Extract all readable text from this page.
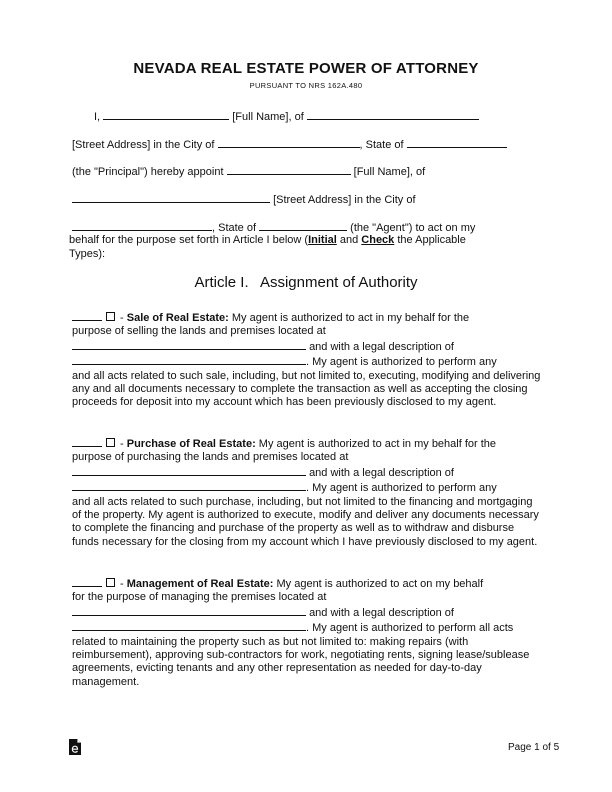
NEVADA REAL ESTATE POWER OF ATTORNEY
PURSUANT TO NRS 162A.480
I,	[Full Name], of
[Street Address] in the City of	, State of
(the "Principal") hereby appoint	[Full Name], of
[Street Address] in the City of
, State of	(the "Agent") to act on my
behalf for the purpose set forth in Article I below (Initial and Check the Applicable
Types):
Article I. Assignment of Authority
- Sale of Real Estate: My agent is authorized to act in my behalf for the
purpose of selling the lands and premises located at
and with a legal description of
. My agent is authorized to perform any
and all acts related to such sale, including, but not limited to, executing, modifying and delivering any and all documents necessary to complete the transaction as well as accepting the closing proceeds for deposit into my account which has been previously disclosed to my agent.
- Purchase of Real Estate: My agent is authorized to act in my behalf for the
purpose of purchasing the lands and premises located at
and with a legal description of
. My agent is authorized to perform any
and all acts related to such purchase, including, but not limited to the financing and mortgaging of the property. My agent is authorized to execute, modify and deliver any documents necessary to complete the financing and purchase of the property as well as to withdraw and disburse funds necessary for the closing from my account which I have previously disclosed to my agent.
- Management of Real Estate: My agent is authorized to act on my behalf
for the purpose of managing the premises located at
and with a legal description of
. My agent is authorized to perform all acts
related to maintaining the property such as but not limited to: making repairs (with reimbursement), approving sub-contractors for work, negotiating rents, signing lease/sublease agreements, evicting tenants and any other representation as needed for day-to-day management.
Page 1 of 5
